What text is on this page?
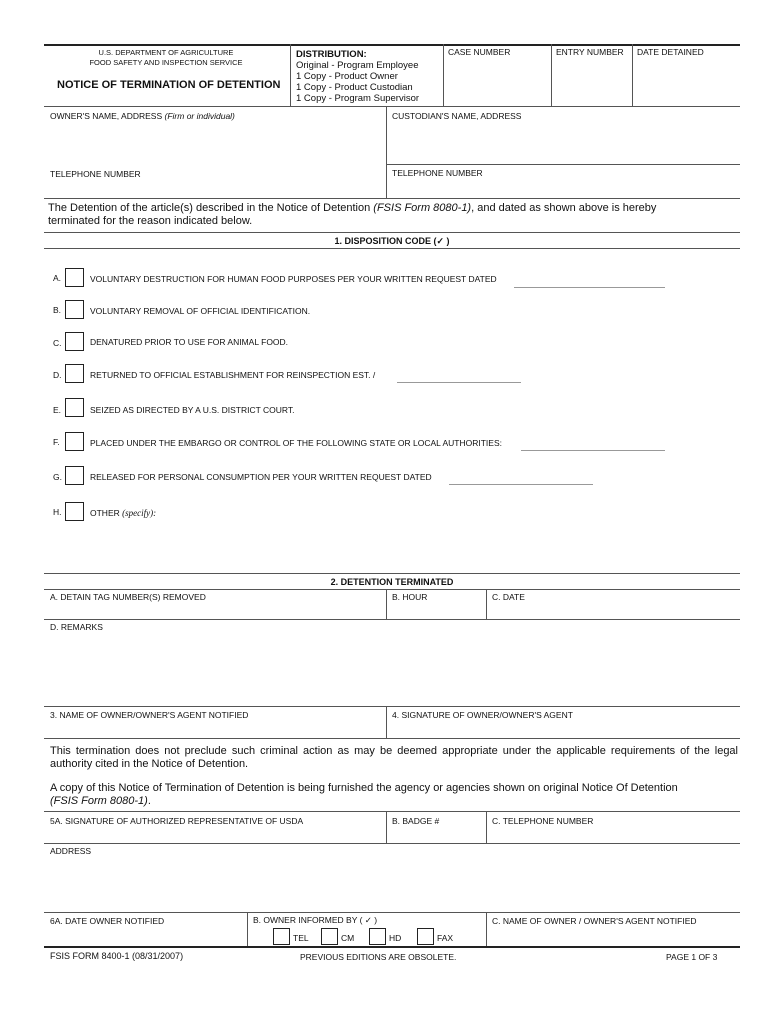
U.S. DEPARTMENT OF AGRICULTURE
FOOD SAFETY AND INSPECTION SERVICE
NOTICE OF TERMINATION OF DETENTION
DISTRIBUTION:
Original - Program Employee
1 Copy - Product Owner
1 Copy - Product Custodian
1 Copy - Program Supervisor
CASE NUMBER	ENTRY NUMBER DATE DETAINED
OWNER'S NAME, ADDRESS (Firm or individual)	CUSTODIAN'S NAME, ADDRESS
TELEPHONE NUMBER	TELEPHONE NUMBER
The Detention of the article(s) described in the Notice of Detention (FSIS Form 8080-1), and dated as shown above is hereby
terminated for the reason indicated below.
1. DISPOSITION CODE (✓ )
A.	VOLUNTARY DESTRUCTION FOR HUMAN FOOD PURPOSES PER YOUR WRITTEN REQUEST DATED
B.	VOLUNTARY REMOVAL OF OFFICIAL IDENTIFICATION.
C.	DENATURED PRIOR TO USE FOR ANIMAL FOOD.
D.	RETURNED TO OFFICIAL ESTABLISHMENT FOR REINSPECTION EST. /
E.	SEIZED AS DIRECTED BY A U.S. DISTRICT COURT.
F.	PLACED UNDER THE EMBARGO OR CONTROL OF THE FOLLOWING STATE OR LOCAL AUTHORITIES:
G.	RELEASED FOR PERSONAL CONSUMPTION PER YOUR WRITTEN REQUEST DATED
H.	OTHER (specify):
2. DETENTION TERMINATED
A. DETAIN TAG NUMBER(S) REMOVED	B. HOUR	C. DATE
D. REMARKS
3. NAME OF OWNER/OWNER'S AGENT NOTIFIED	4. SIGNATURE OF OWNER/OWNER'S AGENT
This termination does not preclude such criminal action as may be deemed appropriate under the applicable requirements of the legal authority cited in the Notice of Detention.
A copy of this Notice of Termination of Detention is being furnished the agency or agencies shown on original Notice Of Detention
(FSIS Form 8080-1).
5A. SIGNATURE OF AUTHORIZED REPRESENTATIVE OF USDA	B. BADGE #	C. TELEPHONE NUMBER
ADDRESS
6A. DATE OWNER NOTIFIED	B. OWNER INFORMED BY ( ✓ )
TEL	CM	HD	FAX
C. NAME OF OWNER / OWNER'S AGENT NOTIFIED
FSIS FORM 8400-1 (08/31/2007)	PREVIOUS EDITIONS ARE OBSOLETE.	PAGE 1 OF 3
